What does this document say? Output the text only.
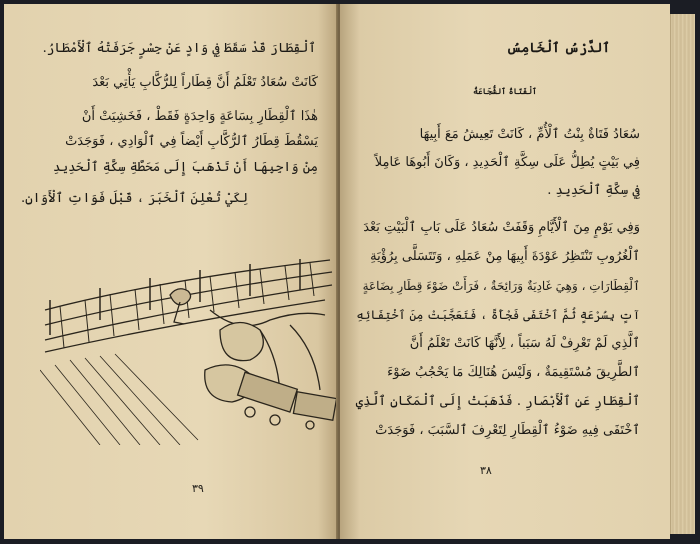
ٱلْقِطَارَ قَدْ سَقَطَ فِي وَادٍ عَنْ جِسْرٍ جَرَفَتْهُ ٱلْأَمْطَارُ.
كَانَتْ سُعَادُ تَعْلَمُ أَنَّ قِطَاراً لِلرُّكَّابِ يَأْتِي بَعْدَ
هٰذَا ٱلْقِطَارِ بِسَاعَةٍ وَاحِدَةٍ فَقَطْ ، فَخَشِيَتْ أَنْ
يَسْقُطَ قِطَارُ ٱلرُّكَّابِ أَيْضاً فِي ٱلْوَادِي ، فَوَجَدَتْ
مِنْ وَاجِبِهَا أَنْ تَذْهَبَ إِلَى مَحَطَّةِ سِكَّةِ ٱلْحَدِيدِ
لِكَيْ تُعْلِنَ ٱلْخَبَرَ ، قَبْلَ فَوَاتِ ٱلْأَوَانِ.
٣٩
ٱلدَّرْسُ ٱلْخَامِسُ
ٱلْفَتَاةُ ٱلشُّجَاعَةُ
سُعَادُ فَتَاةٌ بِنْتُ ٱلْأُمِّ ، كَانَتْ تَعِيشُ مَعَ أَبِيهَا
فِي بَيْتٍ يُطِلُّ عَلَى سِكَّةِ ٱلْحَدِيدِ ، وَكَانَ أَبُوهَا عَامِلاً
فِي سِكَّةِ ٱلْحَدِيدِ .
وَفِي يَوْمٍ مِنَ ٱلْأَيَّامِ وَقَفَتْ سُعَادُ عَلَى بَابِ ٱلْبَيْتِ بَعْدَ
ٱلْغُرُوبِ تَنْتَظِرُ عَوْدَةَ أَبِيهَا مِنْ عَمَلِهِ ، وَتَتَسَلَّى بِرُؤْيَةِ
ٱلْقِطَارَاتِ ، وَهِيَ غَادِيَةٌ وَرَائِحَةٌ ، فَرَأَتْ ضَوْءَ قِطَارِ بِضَاعَةٍ
آتٍ بِسُرْعَةٍ ثُمَّ ٱخْتَفَى فَجْأَةً ، فَتَعَجَّبَتْ مِنَ ٱخْتِفَائِهِ
ٱلَّذِي لَمْ تَعْرِفْ لَهُ سَبَباً ، لِأَنَّهَا كَانَتْ تَعْلَمُ أَنَّ
ٱلطَّرِيقَ مُسْتَقِيمَةٌ ، وَلَيْسَ هُنَالِكَ مَا يَحْجُبُ ضَوْءَ
ٱلْقِطَارِ عَنِ ٱلْأَبْصَارِ . فَذَهَبَتْ إِلَى ٱلْمَكَانِ ٱلَّذِي
ٱخْتَفَى فِيهِ ضَوْءُ ٱلْقِطَارِ لِتَعْرِفَ ٱلسَّبَبَ ، فَوَجَدَتْ
٣٨
